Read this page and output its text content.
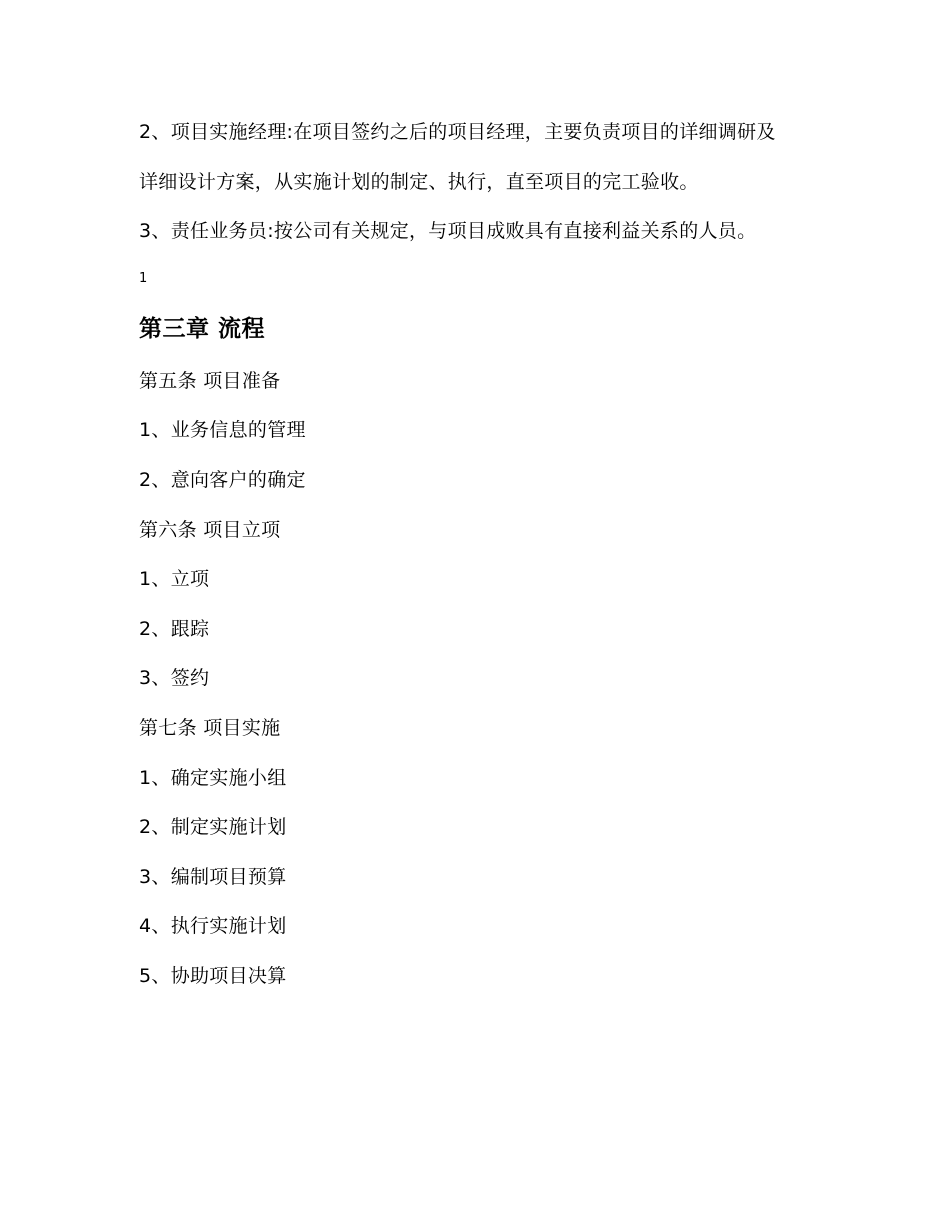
2、项目实施经理:在项目签约之后的项目经理，主要负责项目的详细调研及详细设计方案，从实施计划的制定、执行，直至项目的完工验收。

3、责任业务员:按公司有关规定，与项目成败具有直接利益关系的人员。

1

第三章 流程

第五条 项目准备

1、业务信息的管理

2、意向客户的确定

第六条 项目立项

1、立项

2、跟踪

3、签约

第七条 项目实施

1、确定实施小组

2、制定实施计划

3、编制项目预算

4、执行实施计划

5、协助项目决算
